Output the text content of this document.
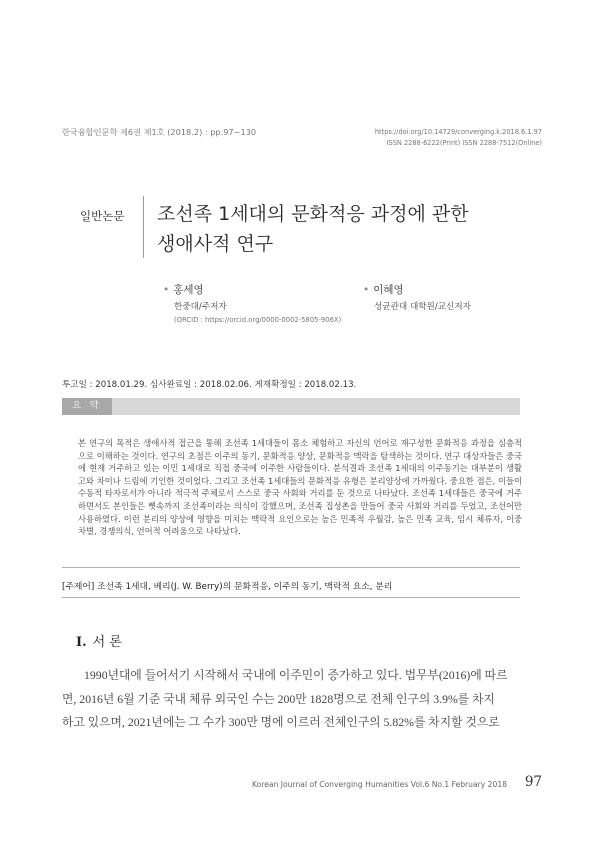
한국융합인문학 제6권 제1호 (2018.2) : pp.97~130	https://doi.org/10.14729/converging.k.2018.6.1.97
ISSN 2288-6222(Print) ISSN 2288-7512(Online)
일반논문 조선족 1세대의 문화적응 과정에 관한
생애사적 연구
• 홍세영
한중대/주저자
(ORCID : https://orcid.org/0000-0002-5805-906X)
• 이혜영
성균관대 대학원/교신저자
투고일 : 2018.01.29. 심사완료일 : 2018.02.06. 게재확정일 : 2018.02.13.
요 약
본 연구의 목적은 생애사적 접근을 통해 조선족 1세대들이 몸소 체험하고 자신의 언어로 재구성한 문화적응 과정을 심층적으로 이해하는 것이다. 연구의 초점은 이주의 동기, 문화적응 양상, 문화적응 맥락을 탐색하는 것이다. 연구 대상자들은 중국에 현재 거주하고 있는 이민 1세대로 직접 중국에 이주한 사람들이다. 분석결과 조선족 1세대의 이주동기는 대부분이 생활고와 차이나 드림에 기인한 것이었다. 그리고 조선족 1세대들의 문화적응 유형은 분리양상에 가까웠다. 중요한 점은, 이들이 수동적 타자로서가 아니라 적극적 주체로서 스스로 중국 사회와 거리를 둔 것으로 나타났다. 조선족 1세대들은 중국에 거주하면서도 본인들은 뼛속까지 조선족이라는 의식이 강했으며, 조선족 집성촌을 만들어 중국 사회와 거리를 두었고, 조선어만 사용하였다. 이런 분리의 양상에 영향을 미치는 맥락적 요인으로는 높은 민족적 우월감, 높은 민족 교육, 임시 체류자, 이중차별, 경쟁의식, 언어적 어려움으로 나타났다.
[주제어] 조선족 1세대, 베리(J. W. Berry)의 문화적응, 이주의 동기, 맥락적 요소, 분리
I. 서 론
1990년대에 들어서기 시작해서 국내에 이주민이 증가하고 있다. 법무부(2016)에 따르
면, 2016년 6월 기준 국내 체류 외국인 수는 200만 1828명으로 전체 인구의 3.9%를 차지
하고 있으며, 2021년에는 그 수가 300만 명에 이르러 전체인구의 5.82%를 차지할 것으로
Korean Journal of Converging Humanities Vol.6 No.1 February 2018 97
